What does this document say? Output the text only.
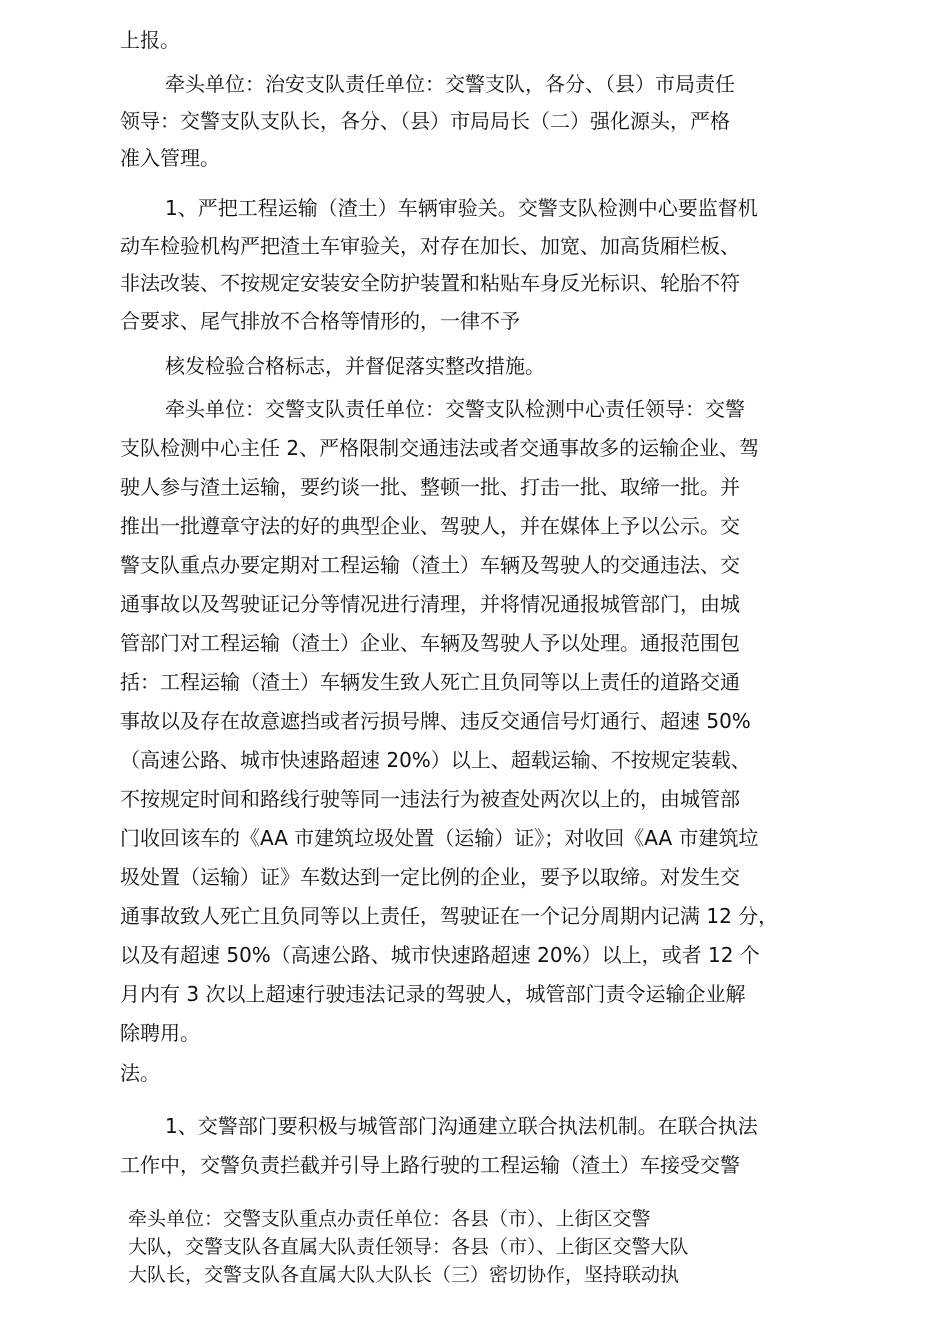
上报。

牵头单位：治安支队责任单位：交警支队，各分、（县）市局责任

领导：交警支队支队长，各分、（县）市局局长（二）强化源头，严格

准入管理。

1、严把工程运输（渣土）车辆审验关。交警支队检测中心要监督机

动车检验机构严把渣土车审验关，对存在加长、加宽、加高货厢栏板、

非法改装、不按规定安装安全防护装置和粘贴车身反光标识、轮胎不符

合要求、尾气排放不合格等情形的，一律不予

核发检验合格标志，并督促落实整改措施。

牵头单位：交警支队责任单位：交警支队检测中心责任领导：交警

支队检测中心主任 2、严格限制交通违法或者交通事故多的运输企业、驾

驶人参与渣土运输，要约谈一批、整顿一批、打击一批、取缔一批。并

推出一批遵章守法的好的典型企业、驾驶人，并在媒体上予以公示。交

警支队重点办要定期对工程运输（渣土）车辆及驾驶人的交通违法、交

通事故以及驾驶证记分等情况进行清理，并将情况通报城管部门，由城

管部门对工程运输（渣土）企业、车辆及驾驶人予以处理。通报范围包

括：工程运输（渣土）车辆发生致人死亡且负同等以上责任的道路交通

事故以及存在故意遮挡或者污损号牌、违反交通信号灯通行、超速 50%

（高速公路、城市快速路超速 20%）以上、超载运输、不按规定装载、

不按规定时间和路线行驶等同一违法行为被查处两次以上的，由城管部

门收回该车的《AA 市建筑垃圾处置（运输）证》；对收回《AA 市建筑垃

圾处置（运输）证》车数达到一定比例的企业，要予以取缔。对发生交

通事故致人死亡且负同等以上责任，驾驶证在一个记分周期内记满 12 分，

以及有超速 50%（高速公路、城市快速路超速 20%）以上，或者 12 个

月内有 3 次以上超速行驶违法记录的驾驶人，城管部门责令运输企业解

除聘用。

法。

1、交警部门要积极与城管部门沟通建立联合执法机制。在联合执法

工作中，交警负责拦截并引导上路行驶的工程运输（渣土）车接受交警

牵头单位：交警支队重点办责任单位：各县（市）、上街区交警

大队，交警支队各直属大队责任领导：各县（市）、上街区交警大队

大队长，交警支队各直属大队大队长（三）密切协作，坚持联动执
